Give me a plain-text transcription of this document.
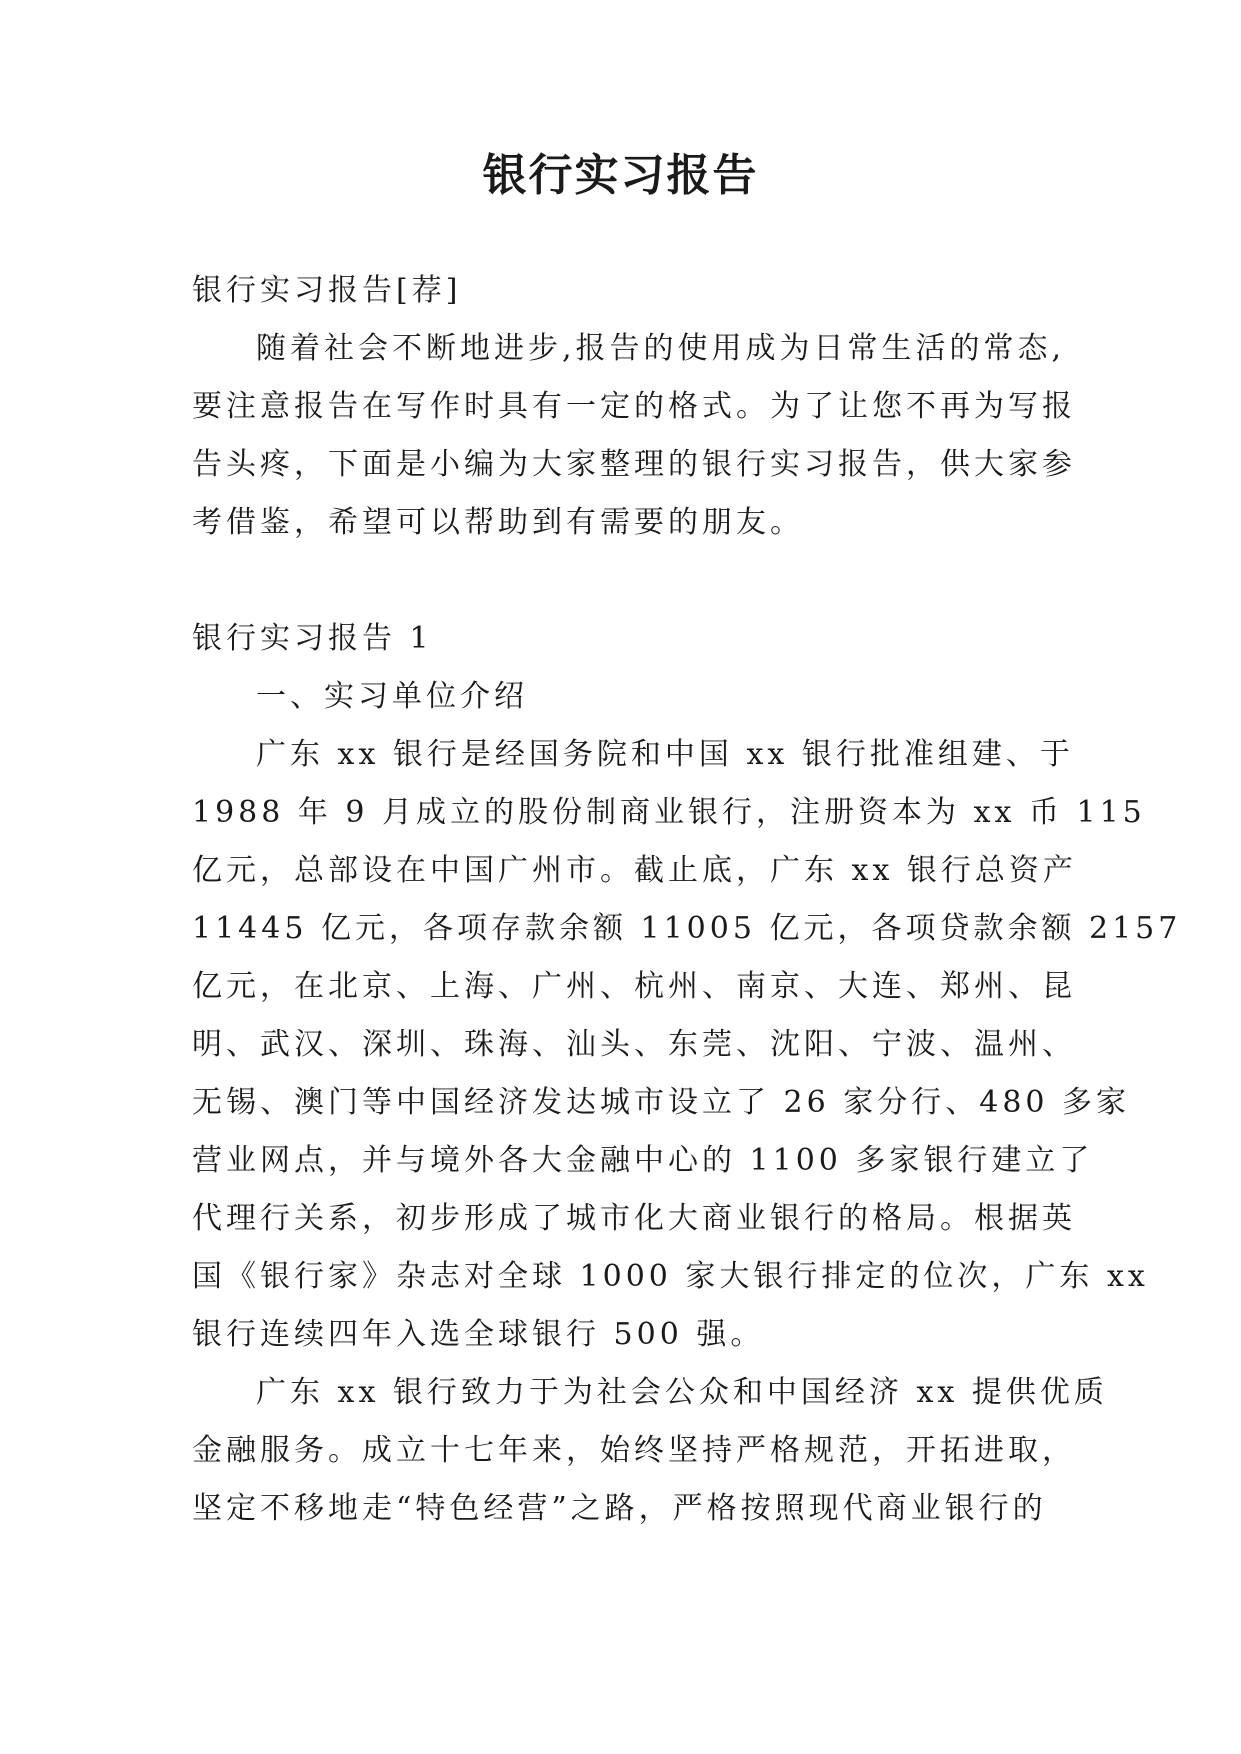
银行实习报告
银行实习报告[荐]
随着社会不断地进步,报告的使用成为日常生活的常态,
要注意报告在写作时具有一定的格式。为了让您不再为写报
告头疼，下面是小编为大家整理的银行实习报告，供大家参
考借鉴，希望可以帮助到有需要的朋友。
银行实习报告 1
一、实习单位介绍
广东 xx 银行是经国务院和中国 xx 银行批准组建、于
1988 年 9 月成立的股份制商业银行，注册资本为 xx 币 115
亿元，总部设在中国广州市。截止底，广东 xx 银行总资产
11445 亿元，各项存款余额 11005 亿元，各项贷款余额 2157
亿元，在北京、上海、广州、杭州、南京、大连、郑州、昆
明、武汉、深圳、珠海、汕头、东莞、沈阳、宁波、温州、
无锡、澳门等中国经济发达城市设立了 26 家分行、480 多家
营业网点，并与境外各大金融中心的 1100 多家银行建立了
代理行关系，初步形成了城市化大商业银行的格局。根据英
国《银行家》杂志对全球 1000 家大银行排定的位次，广东 xx
银行连续四年入选全球银行 500 强。
广东 xx 银行致力于为社会公众和中国经济 xx 提供优质
金融服务。成立十七年来，始终坚持严格规范，开拓进取，
坚定不移地走“特色经营”之路，严格按照现代商业银行的
